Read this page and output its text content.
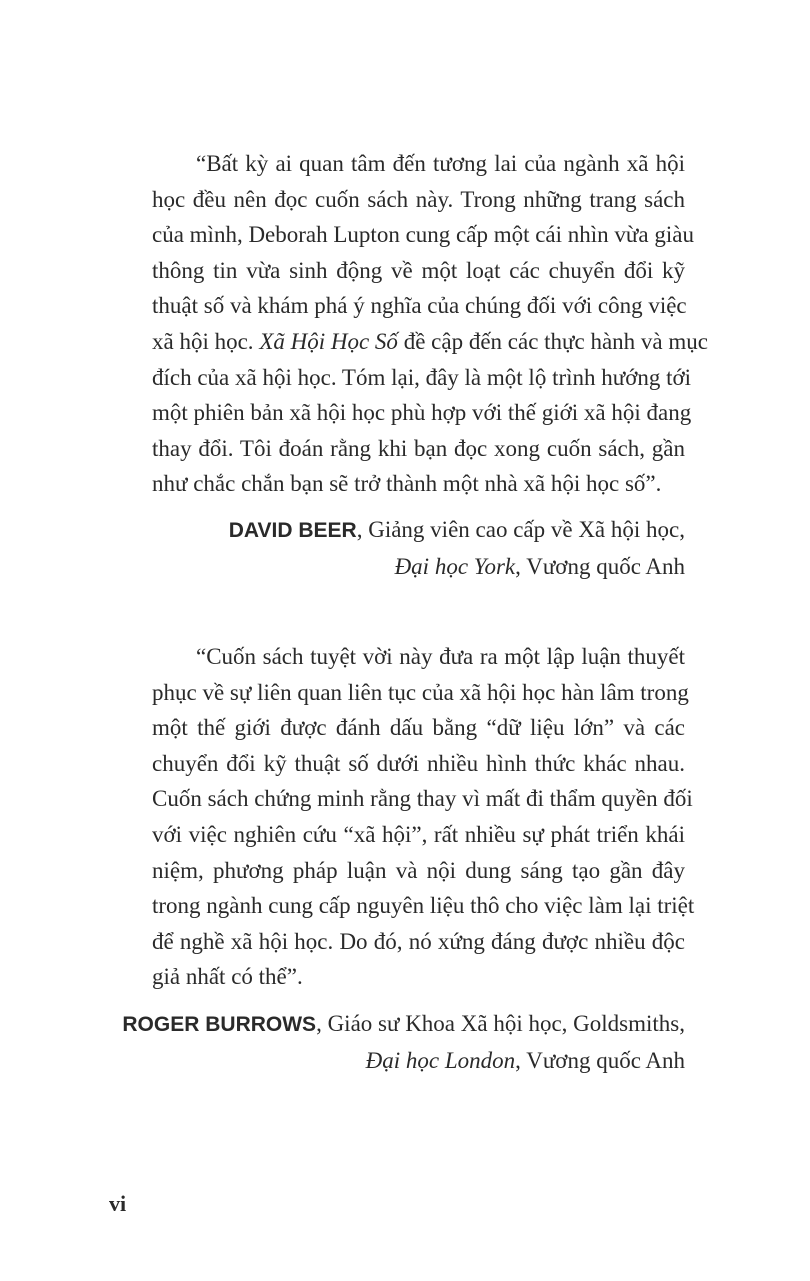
“Bất kỳ ai quan tâm đến tương lai của ngành xã hội
học đều nên đọc cuốn sách này. Trong những trang sách
của mình, Deborah Lupton cung cấp một cái nhìn vừa giàu
thông tin vừa sinh động về một loạt các chuyển đổi kỹ
thuật số và khám phá ý nghĩa của chúng đối với công việc
xã hội học. Xã Hội Học Số đề cập đến các thực hành và mục
đích của xã hội học. Tóm lại, đây là một lộ trình hướng tới
một phiên bản xã hội học phù hợp với thế giới xã hội đang
thay đổi. Tôi đoán rằng khi bạn đọc xong cuốn sách, gần
như chắc chắn bạn sẽ trở thành một nhà xã hội học số”.
DAVID BEER, Giảng viên cao cấp về Xã hội học,
Đại học York, Vương quốc Anh
“Cuốn sách tuyệt vời này đưa ra một lập luận thuyết
phục về sự liên quan liên tục của xã hội học hàn lâm trong
một thế giới được đánh dấu bằng “dữ liệu lớn” và các
chuyển đổi kỹ thuật số dưới nhiều hình thức khác nhau.
Cuốn sách chứng minh rằng thay vì mất đi thẩm quyền đối
với việc nghiên cứu “xã hội”, rất nhiều sự phát triển khái
niệm, phương pháp luận và nội dung sáng tạo gần đây
trong ngành cung cấp nguyên liệu thô cho việc làm lại triệt
để nghề xã hội học. Do đó, nó xứng đáng được nhiều độc
giả nhất có thể”.
ROGER BURROWS, Giáo sư Khoa Xã hội học, Goldsmiths,
Đại học London, Vương quốc Anh
vi
